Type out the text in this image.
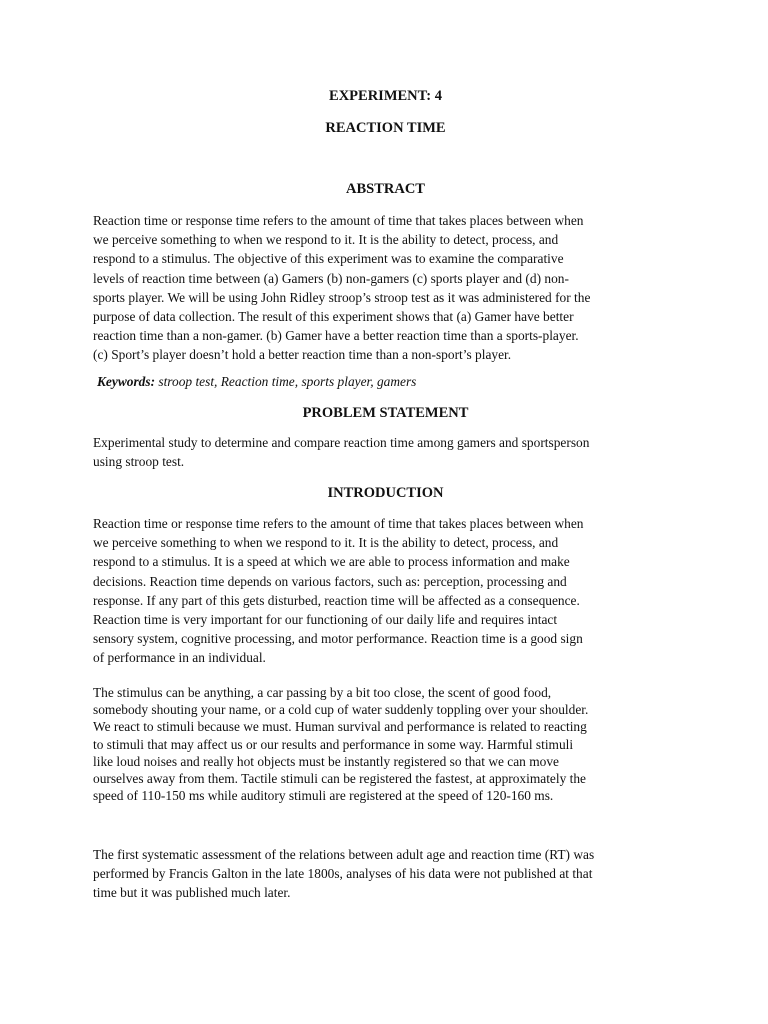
EXPERIMENT: 4

REACTION TIME

ABSTRACT

Reaction time or response time refers to the amount of time that takes places between when
we perceive something to when we respond to it. It is the ability to detect, process, and
respond to a stimulus. The objective of this experiment was to examine the comparative
levels of reaction time between (a) Gamers (b) non-gamers (c) sports player and (d) non-
sports player. We will be using John Ridley stroop’s stroop test as it was administered for the
purpose of data collection. The result of this experiment shows that (a) Gamer have better
reaction time than a non-gamer. (b) Gamer have a better reaction time than a sports-player.
(c) Sport’s player doesn’t hold a better reaction time than a non-sport’s player.

Keywords: stroop test, Reaction time, sports player, gamers

PROBLEM STATEMENT

Experimental study to determine and compare reaction time among gamers and sportsperson
using stroop test.

INTRODUCTION

Reaction time or response time refers to the amount of time that takes places between when
we perceive something to when we respond to it. It is the ability to detect, process, and
respond to a stimulus. It is a speed at which we are able to process information and make
decisions. Reaction time depends on various factors, such as: perception, processing and
response. If any part of this gets disturbed, reaction time will be affected as a consequence.
Reaction time is very important for our functioning of our daily life and requires intact
sensory system, cognitive processing, and motor performance. Reaction time is a good sign
of performance in an individual.

The stimulus can be anything, a car passing by a bit too close, the scent of good food,
somebody shouting your name, or a cold cup of water suddenly toppling over your shoulder.
We react to stimuli because we must. Human survival and performance is related to reacting
to stimuli that may affect us or our results and performance in some way. Harmful stimuli
like loud noises and really hot objects must be instantly registered so that we can move
ourselves away from them. Tactile stimuli can be registered the fastest, at approximately the
speed of 110-150 ms while auditory stimuli are registered at the speed of 120-160 ms.

The first systematic assessment of the relations between adult age and reaction time (RT) was
performed by Francis Galton in the late 1800s, analyses of his data were not published at that
time but it was published much later.
